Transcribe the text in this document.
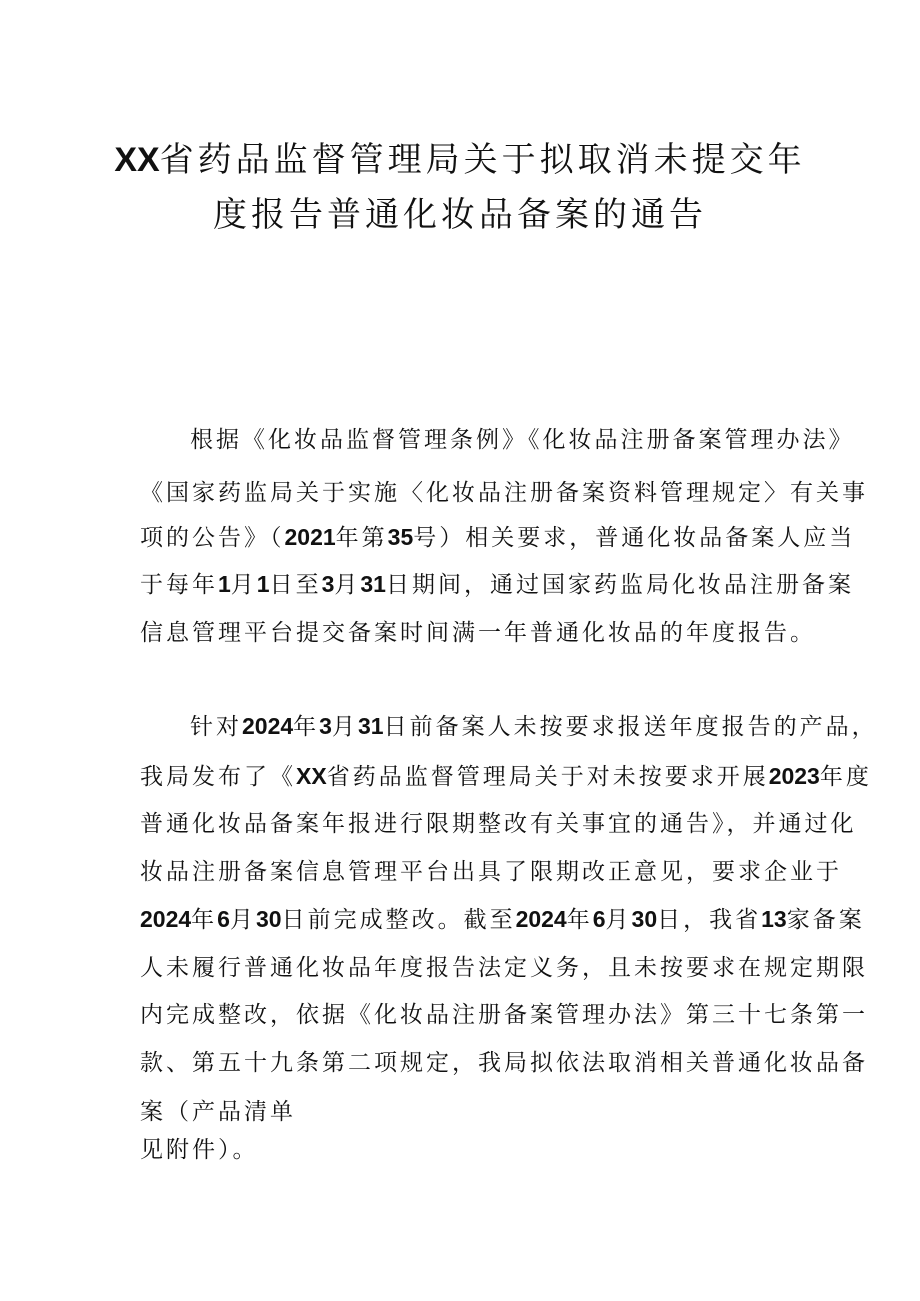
XX省药品监督管理局关于拟取消未提交年
度报告普通化妆品备案的通告
根据《化妆品监督管理条例》《化妆品注册备案管理办法》
《国家药监局关于实施〈化妆品注册备案资料管理规定〉有关事
项的公告》（2021年第35号）相关要求，普通化妆品备案人应当
于每年1月1日至3月31日期间，通过国家药监局化妆品注册备案
信息管理平台提交备案时间满一年普通化妆品的年度报告。
针对2024年3月31日前备案人未按要求报送年度报告的产品，
我局发布了《XX省药品监督管理局关于对未按要求开展2023年度
普通化妆品备案年报进行限期整改有关事宜的通告》，并通过化
妆品注册备案信息管理平台出具了限期改正意见，要求企业于
2024年6月30日前完成整改。截至2024年6月30日，我省13家备案
人未履行普通化妆品年度报告法定义务，且未按要求在规定期限
内完成整改，依据《化妆品注册备案管理办法》第三十七条第一
款、第五十九条第二项规定，我局拟依法取消相关普通化妆品备
案（产品清单
见附件）。
